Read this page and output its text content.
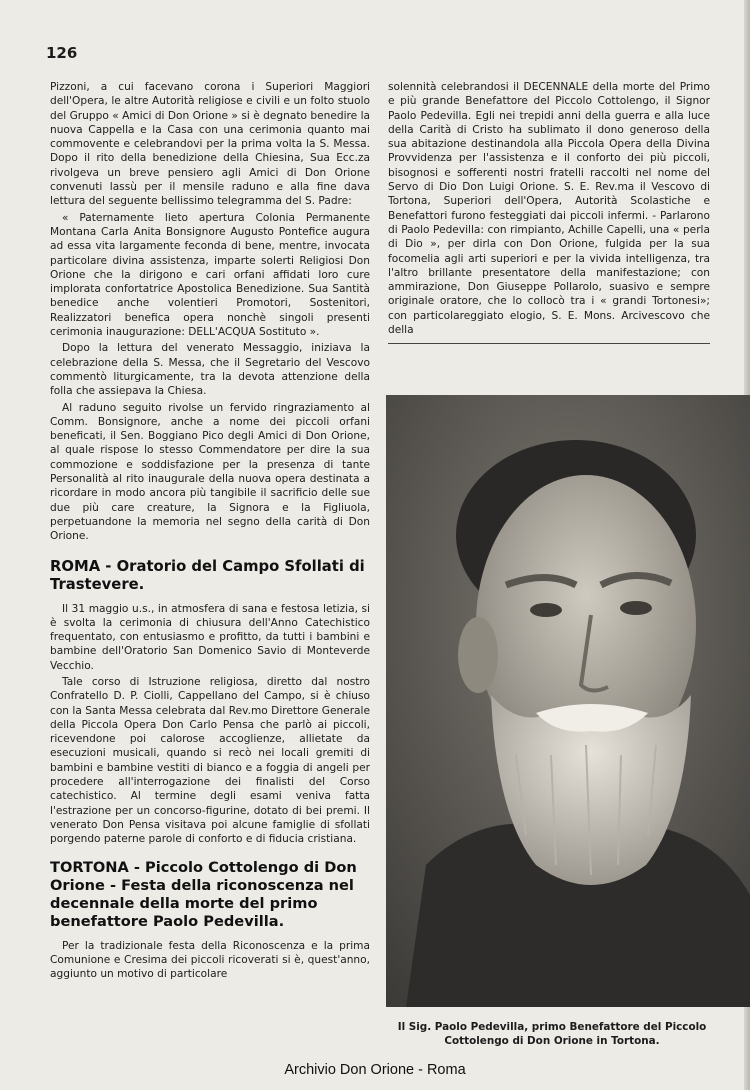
126

Pizzoni, a cui facevano corona i Superiori Maggiori dell'Opera, le altre Autorità religiose e civili e un folto stuolo del Gruppo « Amici di Don Orione » si è degnato benedire la nuova Cappella e la Casa con una cerimonia quanto mai commovente e celebrandovi per la prima volta la S. Messa. Dopo il rito della benedizione della Chiesina, Sua Ecc.za rivolgeva un breve pensiero agli Amici di Don Orione convenuti lassù per il mensile raduno e alla fine dava lettura del seguente bellissimo telegramma del S. Padre:

« Paternamente lieto apertura Colonia Permanente Montana Carla Anita Bonsignore Augusto Pontefice augura ad essa vita largamente feconda di bene, mentre, invocata particolare divina assistenza, imparte solerti Religiosi Don Orione che la dirigono e cari orfani affidati loro cure implorata confortatrice Apostolica Benedizione. Sua Santità benedice anche volentieri Promotori, Sostenitori, Realizzatori benefica opera nonchè singoli presenti cerimonia inaugurazione: DELL'ACQUA Sostituto ».

Dopo la lettura del venerato Messaggio, iniziava la celebrazione della S. Messa, che il Segretario del Vescovo commentò liturgicamente, tra la devota attenzione della folla che assiepava la Chiesa.

Al raduno seguito rivolse un fervido ringraziamento al Comm. Bonsignore, anche a nome dei piccoli orfani beneficati, il Sen. Boggiano Pico degli Amici di Don Orione, al quale rispose lo stesso Commendatore per dire la sua commozione e soddisfazione per la presenza di tante Personalità al rito inaugurale della nuova opera destinata a ricordare in modo ancora più tangibile il sacrificio delle sue due più care creature, la Signora e la Figliuola, perpetuandone la memoria nel segno della carità di Don Orione.

ROMA - Oratorio del Campo Sfollati di Trastevere.

Il 31 maggio u.s., in atmosfera di sana e festosa letizia, si è svolta la cerimonia di chiusura dell'Anno Catechistico frequentato, con entusiasmo e profitto, da tutti i bambini e bambine dell'Oratorio San Domenico Savio di Monteverde Vecchio.

Tale corso di Istruzione religiosa, diretto dal nostro Confratello D. P. Ciolli, Cappellano del Campo, si è chiuso con la Santa Messa celebrata dal Rev.mo Direttore Generale della Piccola Opera Don Carlo Pensa che parlò ai piccoli, ricevendone poi calorose accoglienze, allietate da esecuzioni musicali, quando si recò nei locali gremiti di bambini e bambine vestiti di bianco e a foggia di angeli per procedere all'interrogazione dei finalisti del Corso catechistico. Al termine degli esami veniva fatta l'estrazione per un concorso-figurine, dotato di bei premi. Il venerato Don Pensa visitava poi alcune famiglie di sfollati porgendo paterne parole di conforto e di fiducia cristiana.

TORTONA - Piccolo Cottolengo di Don Orione - Festa della riconoscenza nel decennale della morte del primo benefattore Paolo Pedevilla.

Per la tradizionale festa della Riconoscenza e la prima Comunione e Cresima dei piccoli ricoverati si è, quest'anno, aggiunto un motivo di particolare

solennità celebrandosi il DECENNALE della morte del Primo e più grande Benefattore del Piccolo Cottolengo, il Signor Paolo Pedevilla. Egli nei trepidi anni della guerra e alla luce della Carità di Cristo ha sublimato il dono generoso della sua abitazione destinandola alla Piccola Opera della Divina Provvidenza per l'assistenza e il conforto dei più piccoli, bisognosi e sofferenti nostri fratelli raccolti nel nome del Servo di Dio Don Luigi Orione. S. E. Rev.ma il Vescovo di Tortona, Superiori dell'Opera, Autorità Scolastiche e Benefattori furono festeggiati dai piccoli infermi. - Parlarono di Paolo Pedevilla: con rimpianto, Achille Capelli, una « perla di Dio », per dirla con Don Orione, fulgida per la sua focomelia agli arti superiori e per la vivida intelligenza, tra l'altro brillante presentatore della manifestazione; con ammirazione, Don Giuseppe Pollarolo, suasivo e sempre originale oratore, che lo collocò tra i « grandi Tortonesi»; con particolareggiato elogio, S. E. Mons. Arcivescovo che della

Il Sig. Paolo Pedevilla, primo Benefattore del Piccolo Cottolengo di Don Orione in Tortona.
Archivio Don Orione - Roma
